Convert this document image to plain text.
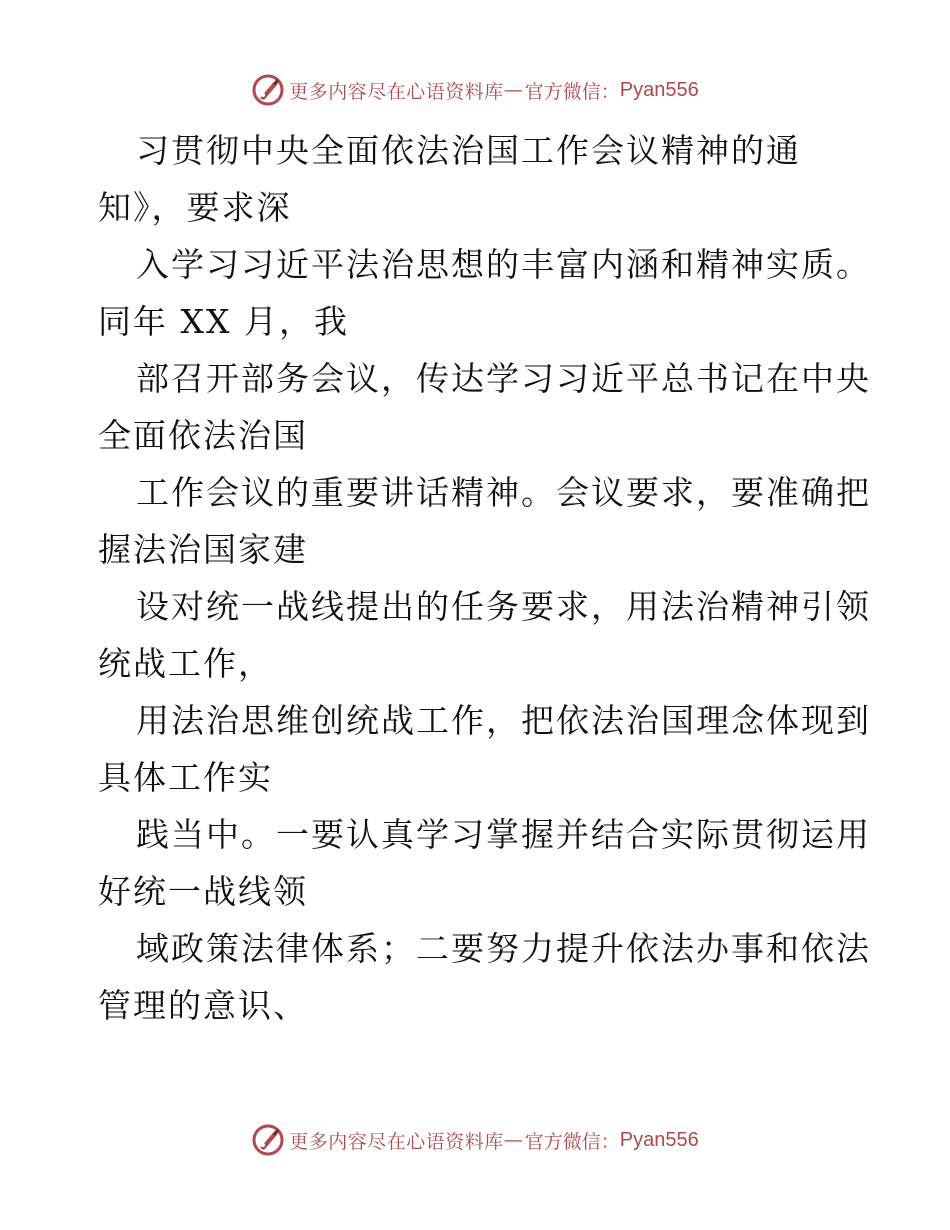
更多内容尽在心语资料库 — 官方微信： Pyan556
习贯彻中央全面依法治国工作会议精神的通
知》，要求深
入学习习近平法治思想的丰富内涵和精神实质。
同年 XX 月，我
部召开部务会议，传达学习习近平总书记在中央
全面依法治国
工作会议的重要讲话精神。会议要求，要准确把
握法治国家建
设对统一战线提出的任务要求，用法治精神引领
统战工作，
用法治思维创统战工作，把依法治国理念体现到
具体工作实
践当中。一要认真学习掌握并结合实际贯彻运用
好统一战线领
域政策法律体系；二要努力提升依法办事和依法
管理的意识、
更多内容尽在心语资料库 — 官方微信： Pyan556
